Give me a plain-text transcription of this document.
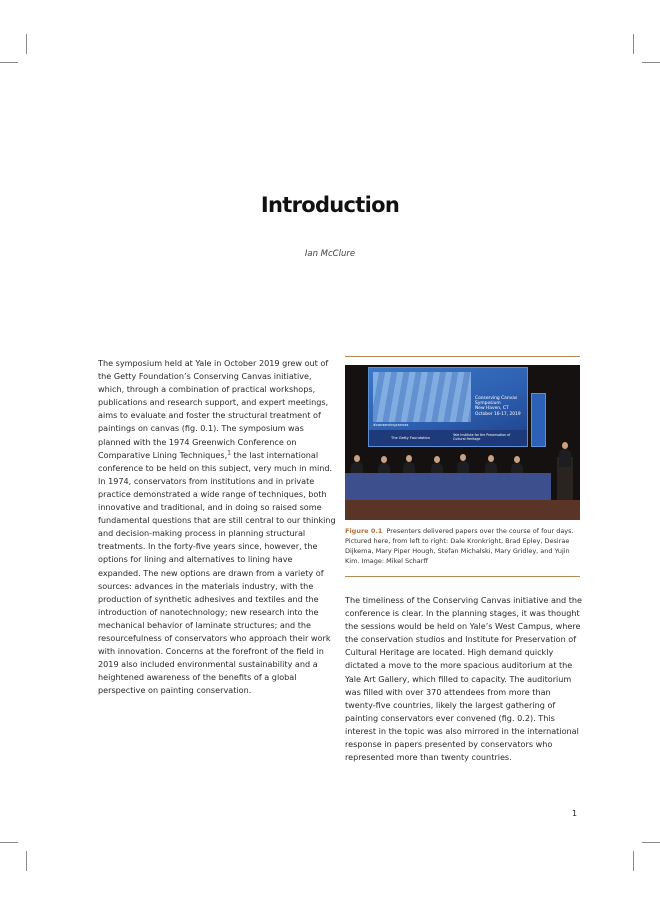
Introduction
Ian McClure

The symposium held at Yale in October 2019 grew out of the Getty Foundation’s Conserving Canvas initiative, which, through a combination of practical workshops, publications and research support, and expert meetings, aims to evaluate and foster the structural treatment of paintings on canvas (fig. 0.1). The symposium was planned with the 1974 Greenwich Conference on Comparative Lining Techniques,$^1$ the last international conference to be held on this subject, very much in mind. In 1974, conservators from institutions and in private practice demonstrated a wide range of techniques, both innovative and traditional, and in doing so raised some fundamental questions that are still central to our thinking and decision-making process in planning structural treatments. In the forty-five years since, however, the options for lining and alternatives to lining have expanded. The new options are drawn from a variety of sources: advances in the materials industry, with the production of synthetic adhesives and textiles and the introduction of nanotechnology; new research into the mechanical behavior of laminate structures; and the resourcefulness of conservators who approach their work with innovation. Concerns at the forefront of the field in 2019 also included environmental sustainability and a heightened awareness of the benefits of a global perspective on painting conservation.

Conserving Canvas
Symposium
New Haven, CT
October 16-17, 2019
#conservingcanvas
The Getty Foundation
Yale Institute for the Preservation of Cultural Heritage

Figure 0.1 Presenters delivered papers over the course of four days. Pictured here, from left to right: Dale Kronkright, Brad Epley, Desirae Dijkema, Mary Piper Hough, Stefan Michalski, Mary Gridley, and Yujin Kim. Image: Mikel Scharff

The timeliness of the Conserving Canvas initiative and the conference is clear. In the planning stages, it was thought the sessions would be held on Yale’s West Campus, where the conservation studios and Institute for Preservation of Cultural Heritage are located. High demand quickly dictated a move to the more spacious auditorium at the Yale Art Gallery, which filled to capacity. The auditorium was filled with over 370 attendees from more than twenty-five countries, likely the largest gathering of painting conservators ever convened (fig. 0.2). This interest in the topic was also mirrored in the international response in papers presented by conservators who represented more than twenty countries.

1
